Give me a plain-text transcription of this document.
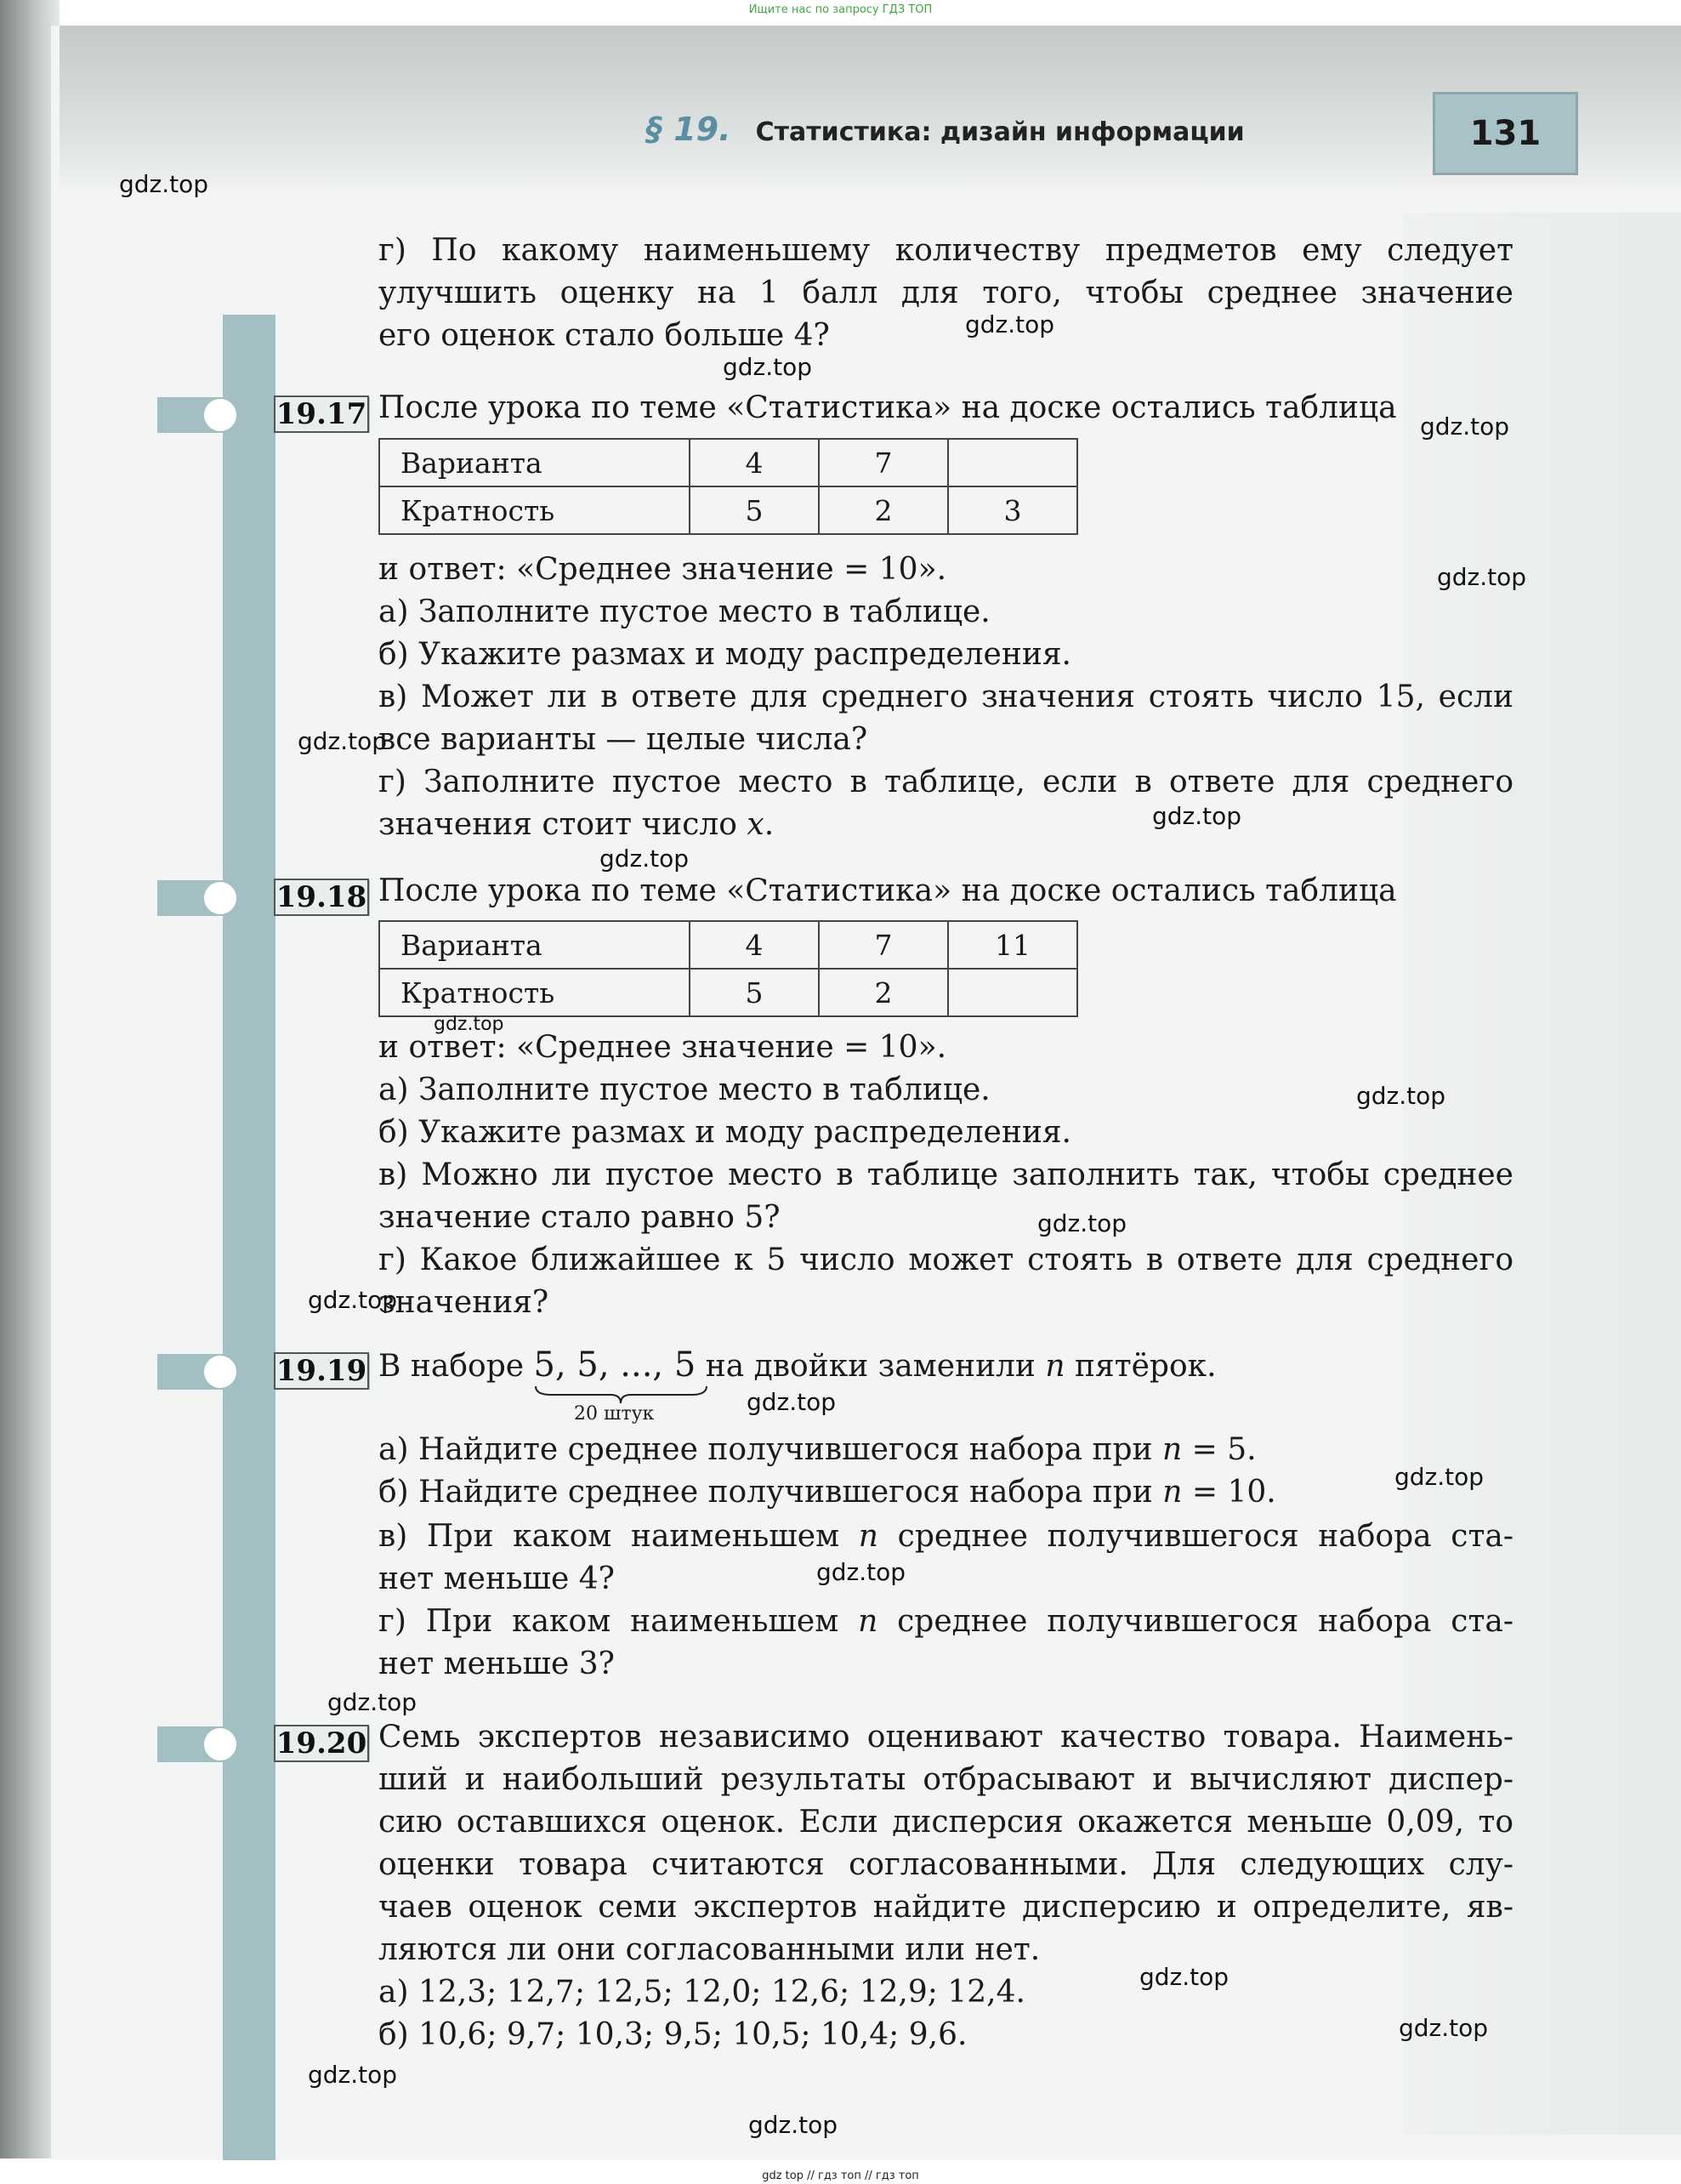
Ищите нас по запросу ГДЗ ТОП
§ 19. Статистика: дизайн информации	131
г) По какому наименьшему количеству предметов ему следует
улучшить оценку на 1 балл для того, чтобы среднее значение
его оценок стало больше 4?
19.17 После урока по теме «Статистика» на доске остались таблица
Варианта	4	7	
Кратность	5	2	3
и ответ: «Среднее значение = 10».
а) Заполните пустое место в таблице.
б) Укажите размах и моду распределения.
в) Может ли в ответе для среднего значения стоять число 15, если
все варианты — целые числа?
г) Заполните пустое место в таблице, если в ответе для среднего
значения стоит число x.
19.18 После урока по теме «Статистика» на доске остались таблица
Варианта	4	7	11
Кратность	5	2	
и ответ: «Среднее значение = 10».
а) Заполните пустое место в таблице.
б) Укажите размах и моду распределения.
в) Можно ли пустое место в таблице заполнить так, чтобы среднее
значение стало равно 5?
г) Какое ближайшее к 5 число может стоять в ответе для среднего
значения?
19.19 В наборе 5, 5, ..., 5 на двойки заменили n пятёрок.
20 штук
а) Найдите среднее получившегося набора при n = 5.
б) Найдите среднее получившегося набора при n = 10.
в) При каком наименьшем n среднее получившегося набора ста-
нет меньше 4?
г) При каком наименьшем n среднее получившегося набора ста-
нет меньше 3?
19.20 Семь экспертов независимо оценивают качество товара. Наимень-
ший и наибольший результаты отбрасывают и вычисляют диспер-
сию оставшихся оценок. Если дисперсия окажется меньше 0,09, то
оценки товара считаются согласованными. Для следующих слу-
чаев оценок семи экспертов найдите дисперсию и определите, яв-
ляются ли они согласованными или нет.
а) 12,3; 12,7; 12,5; 12,0; 12,6; 12,9; 12,4.
б) 10,6; 9,7; 10,3; 9,5; 10,5; 10,4; 9,6.
gdz.top
gdz.top
gdz.top
gdz.top
gdz.top
gdz.top
gdz.top
gdz.top
gdz.top
gdz.top
gdz.top
gdz.top
gdz.top
gdz.top
gdz.top
gdz.top
gdz.top
gdz.top
gdz.top
gdz.top
gdz top // гдз топ // гдз топ
